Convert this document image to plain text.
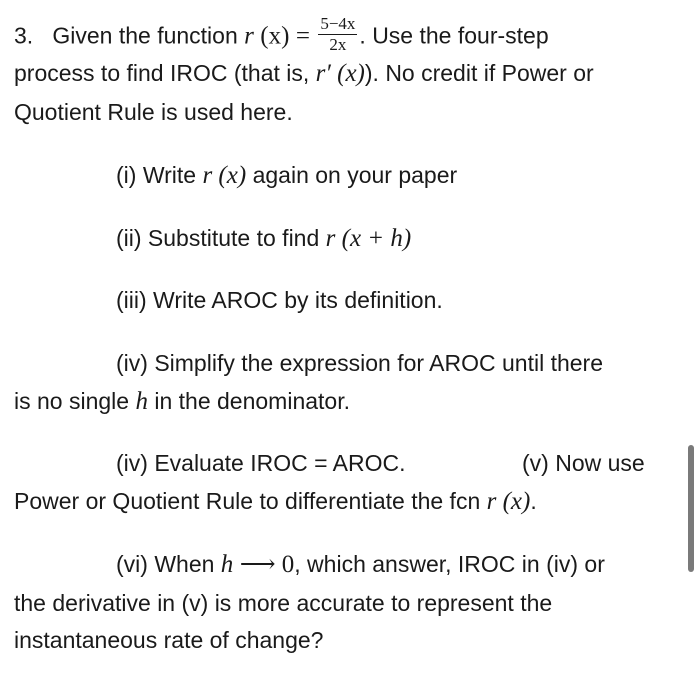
3. Given the function r $(x) = \frac{5-4x}{2x}$ . Use the four-step
process to find IROC (that is, r′ (x)). No credit if Power or
Quotient Rule is used here.
(i) Write r (x) again on your paper
(ii) Substitute to find r (x + h)
(iii) Write AROC by its definition.
(iv) Simplify the expression for AROC until there
is no single h in the denominator.
(iv) Evaluate IROC = AROC.	(v) Now use
Power or Quotient Rule to differentiate the fcn r (x).
(vi) When h ⟶ 0, which answer, IROC in (iv) or
the derivative in (v) is more accurate to represent the
instantaneous rate of change?
